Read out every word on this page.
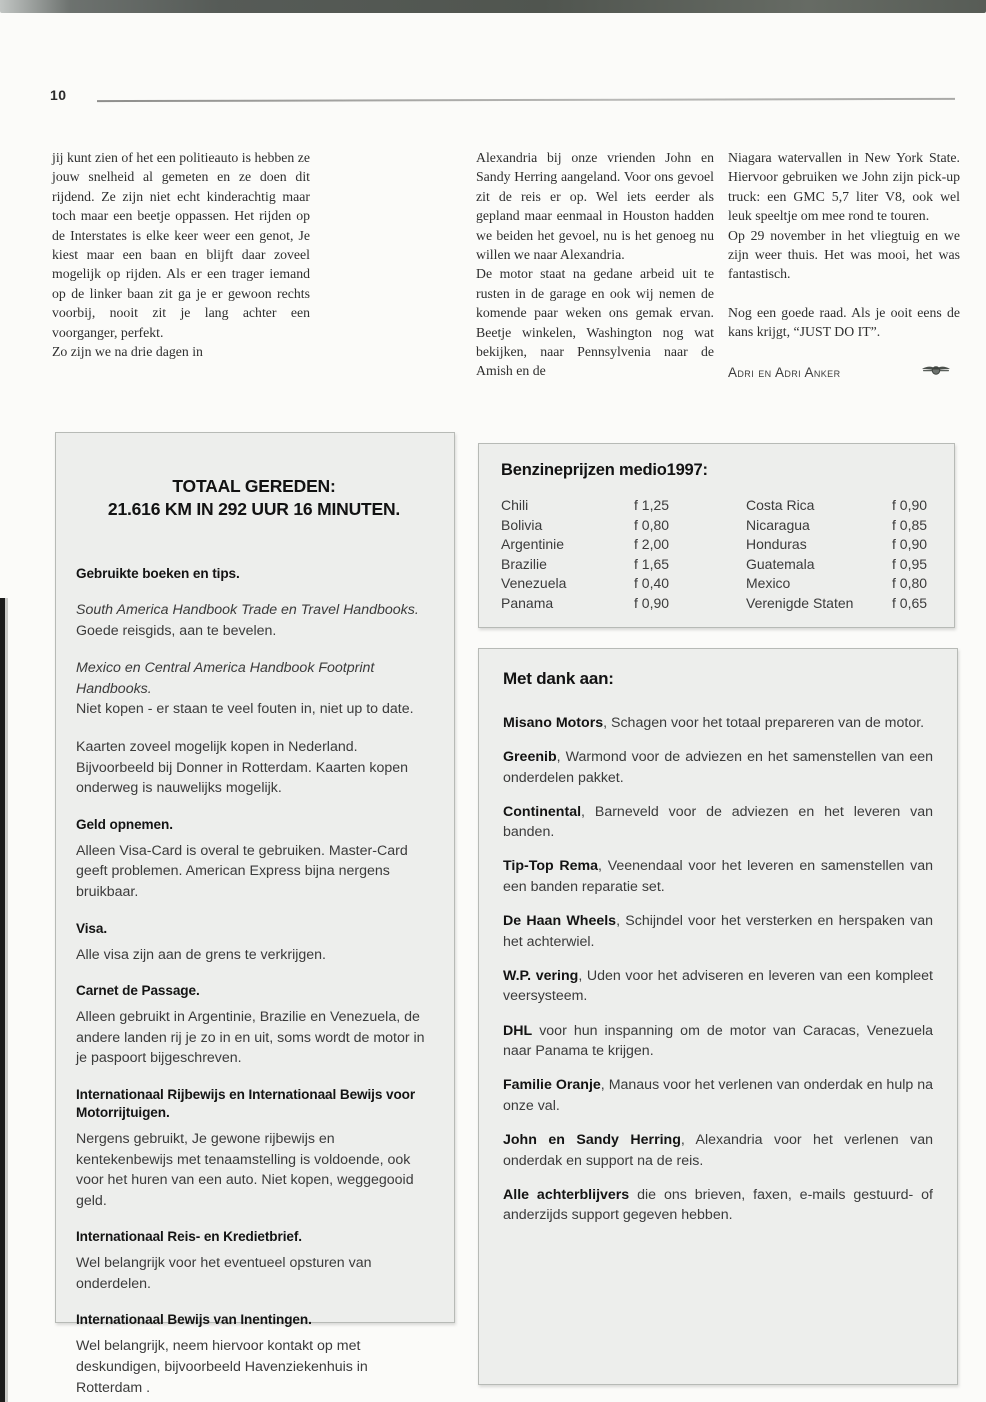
10

jij kunt zien of het een politieauto is hebben ze jouw snelheid al gemeten en ze doen dit rijdend. Ze zijn niet echt kinderachtig maar toch maar een beetje oppassen. Het rijden op de Interstates is elke keer weer een genot, Je kiest maar een baan en blijft daar zoveel mogelijk op rijden. Als er een trager iemand op de linker baan zit ga je er gewoon rechts voorbij, nooit zit je lang achter een voorganger, perfekt.

Zo zijn we na drie dagen in

Alexandria bij onze vrienden John en Sandy Herring aangeland. Voor ons gevoel zit de reis er op. Wel iets eerder als gepland maar eenmaal in Houston hadden we beiden het gevoel, nu is het genoeg nu willen we naar Alexandria.

De motor staat na gedane arbeid uit te rusten in de garage en ook wij nemen de komende paar weken ons gemak ervan. Beetje winkelen, Washington nog wat bekijken, naar Pennsylvenia naar de Amish en de

Niagara watervallen in New York State. Hiervoor gebruiken we John zijn pick-up truck: een GMC 5,7 liter V8, ook wel leuk speeltje om mee rond te touren.

Op 29 november in het vliegtuig en we zijn weer thuis. Het was mooi, het was fantastisch.

Nog een goede raad. Als je ooit eens de kans krijgt, “JUST DO IT”.

Adri en Adri Anker
TOTAAL GEREDEN:
21.616 KM IN 292 UUR 16 MINUTEN.
Gebruikte boeken en tips.

South America Handbook Trade en Travel Handbooks.

Goede reisgids, aan te bevelen.

Mexico en Central America Handbook Footprint Handbooks.

Niet kopen - er staan te veel fouten in, niet up to date.

Kaarten zoveel mogelijk kopen in Nederland. Bijvoorbeeld bij Donner in Rotterdam. Kaarten kopen onderweg is nauwelijks mogelijk.

Geld opnemen.

Alleen Visa-Card is overal te gebruiken. Master-Card geeft problemen. American Express bijna nergens bruikbaar.

Visa.

Alle visa zijn aan de grens te verkrijgen.

Carnet de Passage.

Alleen gebruikt in Argentinie, Brazilie en Venezuela, de andere landen rij je zo in en uit, soms wordt de motor in je paspoort bijgeschreven.

Internationaal Rijbewijs en Internationaal Bewijs voor Motorrijtuigen.

Nergens gebruikt, Je gewone rijbewijs en kentekenbewijs met tenaamstelling is voldoende, ook voor het huren van een auto. Niet kopen, weggegooid geld.

Internationaal Reis- en Kredietbrief.

Wel belangrijk voor het eventueel opsturen van onderdelen.

Internationaal Bewijs van Inentingen.

Wel belangrijk, neem hiervoor kontakt op met deskundigen, bijvoorbeeld Havenziekenhuis in Rotterdam .

Benzineprijzen medio1997:
Chili	f 1,25	Costa Rica	f 0,90
Bolivia	f 0,80	Nicaragua	f 0,85
Argentinie	f 2,00	Honduras	f 0,90
Brazilie	f 1,65	Guatemala	f 0,95
Venezuela	f 0,40	Mexico	f 0,80
Panama	f 0,90	Verenigde Staten	f 0,65
Met dank aan:

Misano Motors, Schagen voor het totaal prepareren van de motor.

Greenib, Warmond voor de adviezen en het samenstellen van een onderdelen pakket.

Continental, Barneveld voor de adviezen en het leveren van banden.

Tip-Top Rema, Veenendaal voor het leveren en samenstellen van een banden reparatie set.

De Haan Wheels, Schijndel voor het versterken en herspaken van het achterwiel.

W.P. vering, Uden voor het adviseren en leveren van een kompleet veersysteem.

DHL voor hun inspanning om de motor van Caracas, Venezuela naar Panama te krijgen.

Familie Oranje, Manaus voor het verlenen van onderdak en hulp na onze val.

John en Sandy Herring, Alexandria voor het verlenen van onderdak en support na de reis.

Alle achterblijvers die ons brieven, faxen, e-mails gestuurd- of anderzijds support gegeven hebben.
